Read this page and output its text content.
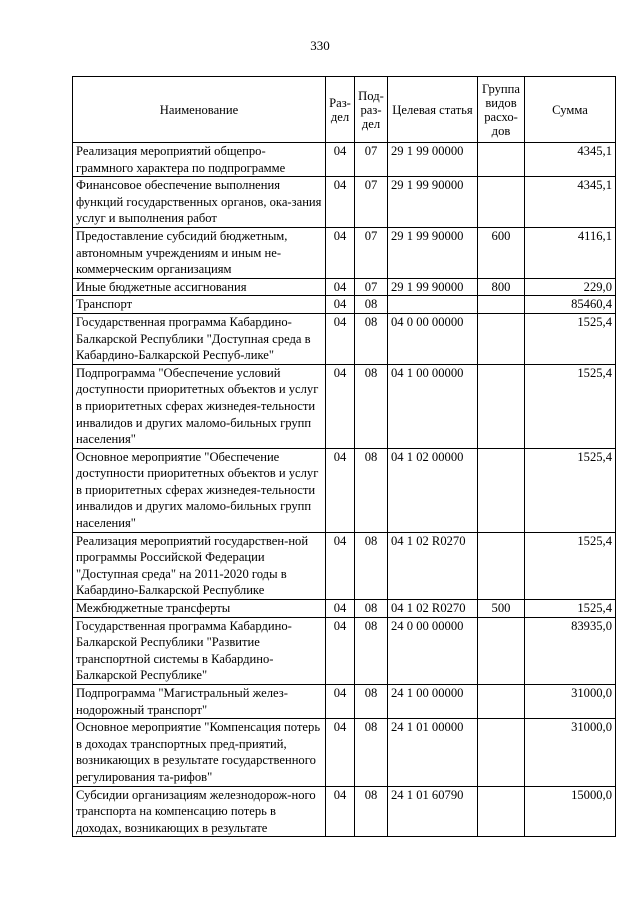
330
Наименование	Раз-дел	Под-раз-дел	Целевая статья	Группа видов расхо-дов	Сумма
Реализация мероприятий общепро-граммного характера по подпрограмме	04	07	29 1 99 00000		4345,1
Финансовое обеспечение выполнения функций государственных органов, ока-зания услуг и выполнения работ	04	07	29 1 99 90000		4345,1
Предоставление субсидий бюджетным, автономным учреждениям и иным не-коммерческим организациям	04	07	29 1 99 90000	600	4116,1
Иные бюджетные ассигнования	04	07	29 1 99 90000	800	229,0
Транспорт	04	08			85460,4
Государственная программа Кабардино-Балкарской Республики "Доступная среда в Кабардино-Балкарской Респуб-лике"	04	08	04 0 00 00000		1525,4
Подпрограмма "Обеспечение условий доступности приоритетных объектов и услуг в приоритетных сферах жизнедея-тельности инвалидов и других маломо-бильных групп населения"	04	08	04 1 00 00000		1525,4
Основное мероприятие "Обеспечение доступности приоритетных объектов и услуг в приоритетных сферах жизнедея-тельности инвалидов и других маломо-бильных групп населения"	04	08	04 1 02 00000		1525,4
Реализация мероприятий государствен-ной программы Российской Федерации "Доступная среда" на 2011-2020 годы в Кабардино-Балкарской Республике	04	08	04 1 02 R0270		1525,4
Межбюджетные трансферты	04	08	04 1 02 R0270	500	1525,4
Государственная программа Кабардино-Балкарской Республики "Развитие транспортной системы в Кабардино-Балкарской Республике"	04	08	24 0 00 00000		83935,0
Подпрограмма "Магистральный желез-нодорожный транспорт"	04	08	24 1 00 00000		31000,0
Основное мероприятие "Компенсация потерь в доходах транспортных пред-приятий, возникающих в результате государственного регулирования та-рифов"	04	08	24 1 01 00000		31000,0
Субсидии организациям железнодорож-ного транспорта на компенсацию потерь в доходах, возникающих в результате	04	08	24 1 01 60790		15000,0
